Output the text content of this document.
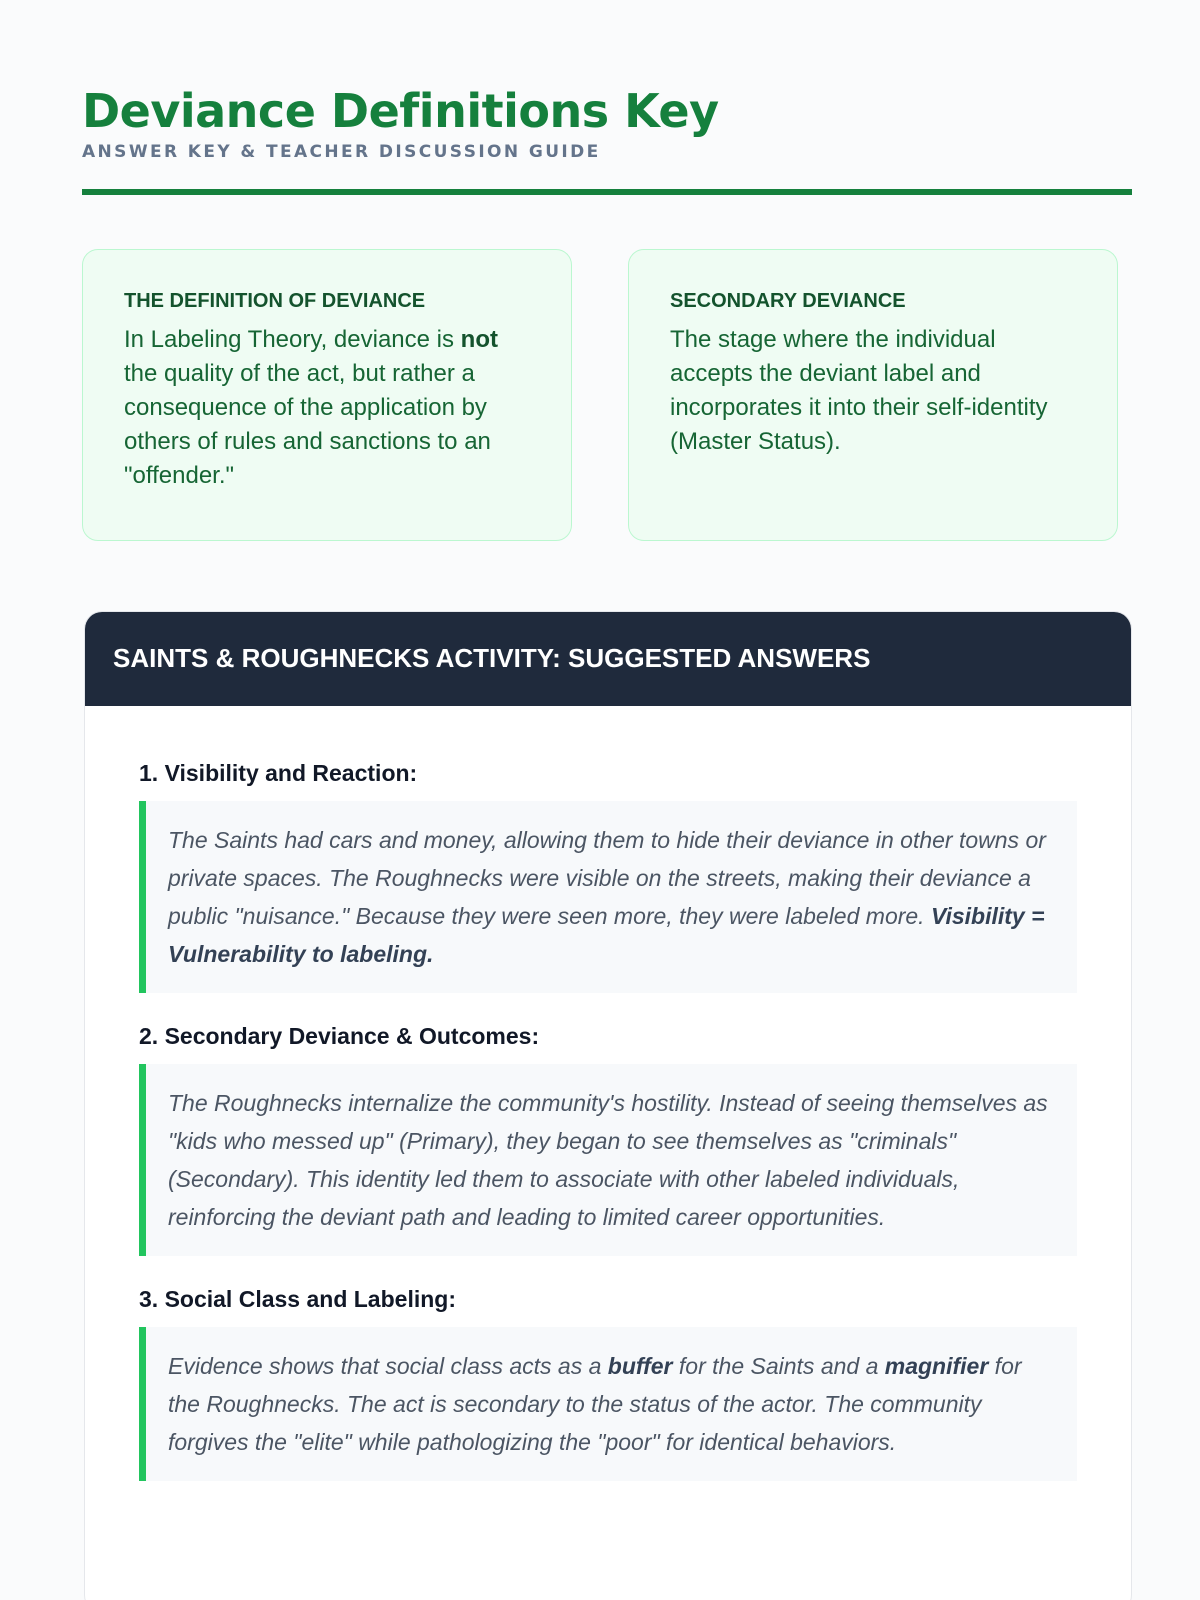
Deviance Definitions Key
ANSWER KEY & TEACHER DISCUSSION GUIDE
THE DEFINITION OF DEVIANCE
In Labeling Theory, deviance is not the quality of the act, but rather a consequence of the application by others of rules and sanctions to an "offender."
SECONDARY DEVIANCE
The stage where the individual accepts the deviant label and incorporates it into their self-identity (Master Status).
SAINTS & ROUGHNECKS ACTIVITY: SUGGESTED ANSWERS
1. Visibility and Reaction:
The Saints had cars and money, allowing them to hide their deviance in other towns or private spaces. The Roughnecks were visible on the streets, making their deviance a public "nuisance." Because they were seen more, they were labeled more. Visibility = Vulnerability to labeling.
2. Secondary Deviance & Outcomes:
The Roughnecks internalize the community's hostility. Instead of seeing themselves as "kids who messed up" (Primary), they began to see themselves as "criminals" (Secondary). This identity led them to associate with other labeled individuals, reinforcing the deviant path and leading to limited career opportunities.
3. Social Class and Labeling:
Evidence shows that social class acts as a buffer for the Saints and a magnifier for the Roughnecks. The act is secondary to the status of the actor. The community forgives the "elite" while pathologizing the "poor" for identical behaviors.
